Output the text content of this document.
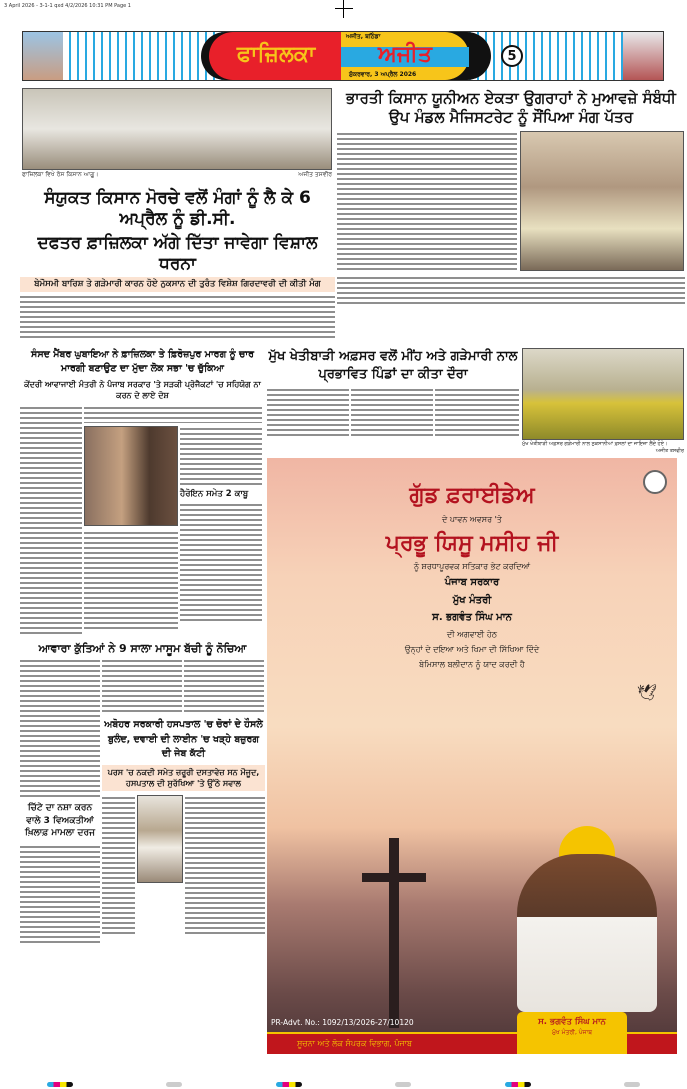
3 April 2026 - 3-1-1 qxd 4/2/2026 10:31 PM Page 1
ਫਾਜ਼ਿਲਕਾ
ਅਜੀਤ, ਬਠਿੰਡਾ
ਅਜੀਤ
ਸ਼ੁੱਕਰਵਾਰ, 3 ਅਪ੍ਰੈਲ 2026
5
ਫਾਜ਼ਿਲਕਾ ਵਿਖੇ ਰੋਸ ਕਿਸਾਨ ਆਗੂ।	ਅਜੀਤ ਤਸਵੀਰ
ਭਾਰਤੀ ਕਿਸਾਨ ਯੂਨੀਅਨ ਏਕਤਾ ਉਗਰਾਹਾਂ ਨੇ ਮੁਆਵਜ਼ੇ ਸੰਬੰਧੀ ਉਪ ਮੰਡਲ ਮੈਜਿਸਟਰੇਟ ਨੂੰ ਸੌਂਪਿਆ ਮੰਗ ਪੱਤਰ
ਸੰਯੁਕਤ ਕਿਸਾਨ ਮੋਰਚੇ ਵਲੋਂ ਮੰਗਾਂ ਨੂੰ ਲੈ ਕੇ 6 ਅਪ੍ਰੈਲ ਨੂੰ ਡੀ.ਸੀ.
ਦਫਤਰ ਫ਼ਾਜ਼ਿਲਕਾ ਅੱਗੇ ਦਿੱਤਾ ਜਾਵੇਗਾ ਵਿਸ਼ਾਲ ਧਰਨਾ
ਬੇਮੌਸਮੀ ਬਾਰਿਸ਼ ਤੇ ਗੜੇਮਾਰੀ ਕਾਰਨ ਹੋਏ ਨੁਕਸਾਨ ਦੀ ਤੁਰੰਤ ਵਿਸ਼ੇਸ਼ ਗਿਰਦਾਵਰੀ ਦੀ ਕੀਤੀ ਮੰਗ
ਸੰਸਦ ਮੈਂਬਰ ਘੁਬਾਇਆ ਨੇ ਫ਼ਾਜ਼ਿਲਕਾ ਤੇ ਫ਼ਿਰੋਜ਼ਪੁਰ ਮਾਰਗ ਨੂੰ ਚਾਰ ਮਾਰਗੀ ਬਣਾਉਣ ਦਾ ਮੁੱਦਾ ਲੋਕ ਸਭਾ 'ਚ ਚੁੱਕਿਆ
ਕੇਂਦਰੀ ਆਵਾਜਾਈ ਮੰਤਰੀ ਨੇ ਪੰਜਾਬ ਸਰਕਾਰ 'ਤੇ ਸੜਕੀ ਪ੍ਰੋਜੈਕਟਾਂ 'ਚ ਸਹਿਯੋਗ ਨਾ ਕਰਨ ਦੇ ਲਾਏ ਦੋਸ਼
ਹੈਰੋਇਨ ਸਮੇਤ 2 ਕਾਬੂ
ਆਵਾਰਾ ਕੁੱਤਿਆਂ ਨੇ 9 ਸਾਲਾ ਮਾਸੂਮ ਬੱਚੀ ਨੂੰ ਨੋਚਿਆ
ਚਿੱਟੇ ਦਾ ਨਸ਼ਾ ਕਰਨ ਵਾਲੇ 3 ਵਿਅਕਤੀਆਂ ਖ਼ਿਲਾਫ਼ ਮਾਮਲਾ ਦਰਜ
ਅਬੋਹਰ ਸਰਕਾਰੀ ਹਸਪਤਾਲ 'ਚ ਚੋਰਾਂ ਦੇ ਹੌਸਲੇ ਬੁਲੰਦ, ਦਵਾਈ ਦੀ ਲਾਈਨ 'ਚ ਖੜ੍ਹੇ ਬਜ਼ੁਰਗ ਦੀ ਜੇਬ ਕੱਟੀ
ਪਰਸ 'ਚ ਨਕਦੀ ਸਮੇਤ ਜ਼ਰੂਰੀ ਦਸਤਾਵੇਜ਼ ਸਨ ਮੌਜੂਦ, ਹਸਪਤਾਲ ਦੀ ਸੁਰੱਖਿਆ 'ਤੇ ਉੱਠੇ ਸਵਾਲ
ਮੁੱਖ ਖੇਤੀਬਾੜੀ ਅਫ਼ਸਰ ਵਲੋਂ ਮੀਂਹ ਅਤੇ ਗੜੇਮਾਰੀ ਨਾਲ ਪ੍ਰਭਾਵਿਤ ਪਿੰਡਾਂ ਦਾ ਕੀਤਾ ਦੌਰਾ
ਮੁੱਖ ਖੇਤੀਬਾੜੀ ਅਫ਼ਸਰ ਗੜੇਮਾਰੀ ਨਾਲ ਨੁਕਸਾਨੀਆਂ ਫ਼ਸਲਾਂ ਦਾ ਜਾਇਜ਼ਾ ਲੈਂਦੇ ਹੋਏ।
ਅਜੀਤ ਤਸਵੀਰ
ਗੁੱਡ ਫ਼ਰਾਈਡੇਅ
ਦੇ ਪਾਵਨ ਅਵਸਰ 'ਤੇ
ਪ੍ਰਭੂ ਯਿਸੂ ਮਸੀਹ ਜੀ
ਨੂੰ ਸ਼ਰਧਾਪੂਰਵਕ ਸਤਿਕਾਰ ਭੇਟ ਕਰਦਿਆਂ
ਪੰਜਾਬ ਸਰਕਾਰ
ਮੁੱਖ ਮੰਤਰੀ
ਸ. ਭਗਵੰਤ ਸਿੰਘ ਮਾਨ
ਦੀ ਅਗਵਾਈ ਹੇਠ
ਉਨ੍ਹਾਂ ਦੇ ਦਇਆ ਅਤੇ ਖਿਮਾ ਦੀ ਸਿੱਖਿਆ ਦਿੰਦੇ
ਬੇਮਿਸਾਲ ਬਲੀਦਾਨ ਨੂੰ ਯਾਦ ਕਰਦੀ ਹੈ
🕊
PR-Advt. No.: 1092/13/2026-27/10120
ਸੂਚਨਾ ਅਤੇ ਲੋਕ ਸੰਪਰਕ ਵਿਭਾਗ, ਪੰਜਾਬ
ਸ. ਭਗਵੰਤ ਸਿੰਘ ਮਾਨ
ਮੁੱਖ ਮੰਤਰੀ, ਪੰਜਾਬ
